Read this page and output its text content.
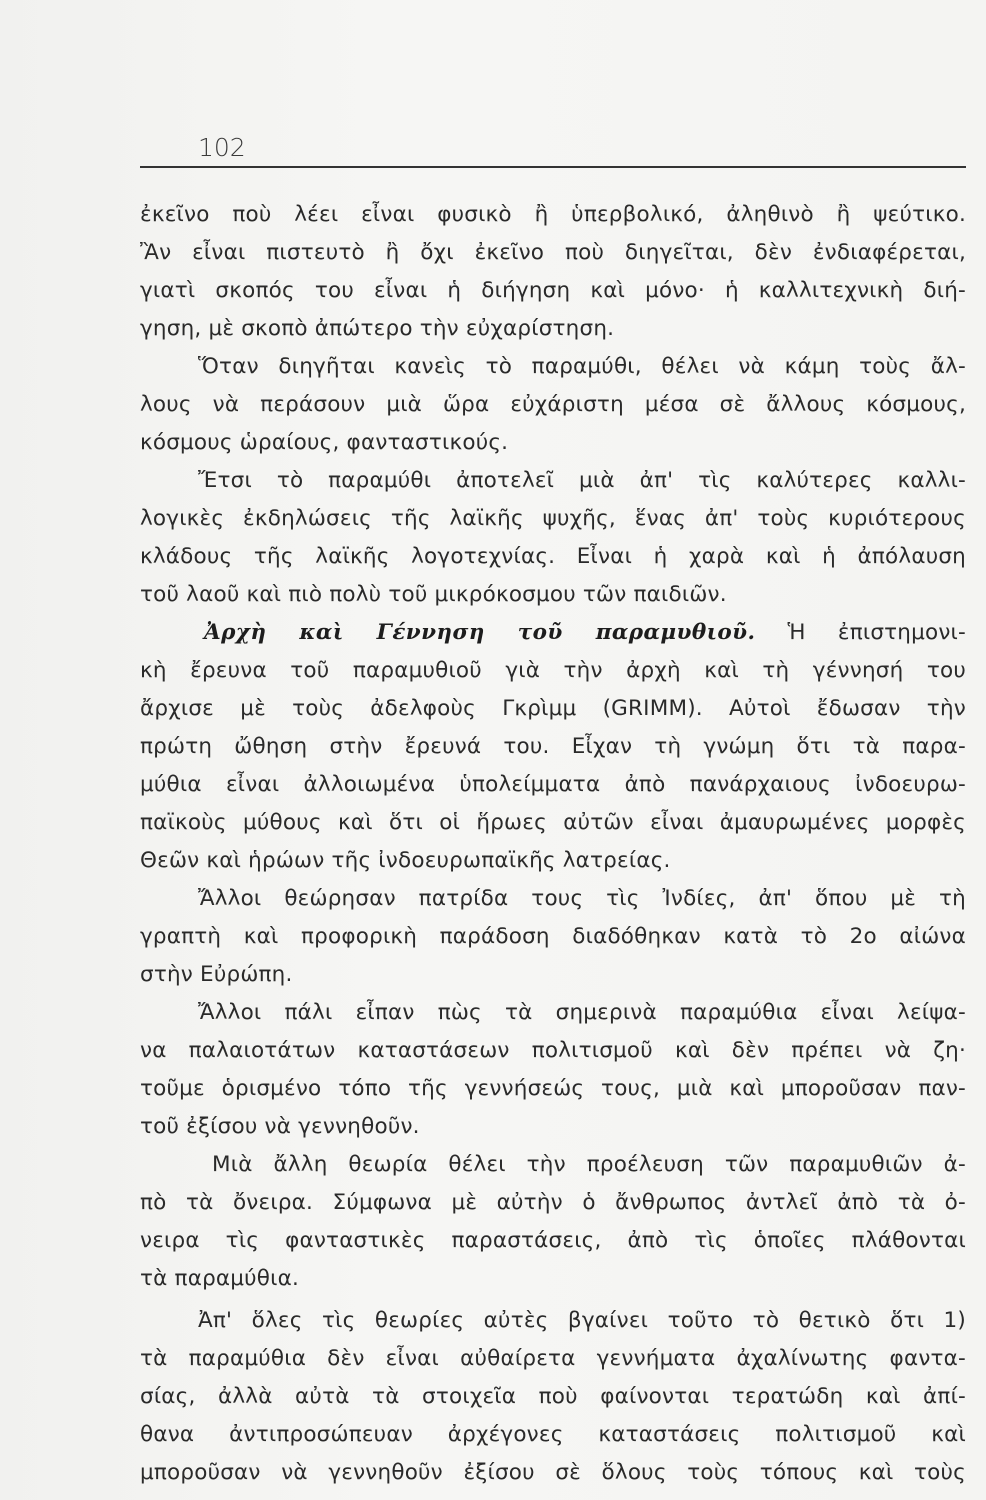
102
ἐκεῖνο ποὺ λέει εἶναι φυσικὸ ἢ ὑπερβολικό, ἀληθινὸ ἢ ψεύτικο.
Ἂν εἶναι πιστευτὸ ἢ ὄχι ἐκεῖνο ποὺ διηγεῖται, δὲν ἐνδιαφέρεται,
γιατὶ σκοπός του εἶναι ἡ διήγηση καὶ μόνο· ἡ καλλιτεχνικὴ διή-
γηση, μὲ σκοπὸ ἀπώτερο τὴν εὐχαρίστηση.
Ὅταν διηγῆται κανεὶς τὸ παραμύθι, θέλει νὰ κάμη τοὺς ἄλ-
λους νὰ περάσουν μιὰ ὥρα εὐχάριστη μέσα σὲ ἄλλους κόσμους,
κόσμους ὡραίους, φανταστικούς.
Ἔτσι τὸ παραμύθι ἀποτελεῖ μιὰ ἀπ' τὶς καλύτερες καλλι-
λογικὲς ἐκδηλώσεις τῆς λαϊκῆς ψυχῆς, ἕνας ἀπ' τοὺς κυριότερους
κλάδους τῆς λαϊκῆς λογοτεχνίας. Εἶναι ἡ χαρὰ καὶ ἡ ἀπόλαυση
τοῦ λαοῦ καὶ πιὸ πολὺ τοῦ μικρόκοσμου τῶν παιδιῶν.
Ἀρχὴ καὶ Γέννηση τοῦ παραμυθιοῦ. Ἡ ἐπιστημονι-
κὴ ἔρευνα τοῦ παραμυθιοῦ γιὰ τὴν ἀρχὴ καὶ τὴ γέννησή του
ἄρχισε μὲ τοὺς ἀδελφοὺς Γκρὶμμ (GRIMM). Αὐτοὶ ἔδωσαν τὴν
πρώτη ὤθηση στὴν ἔρευνά του. Εἶχαν τὴ γνώμη ὅτι τὰ παρα-
μύθια εἶναι ἀλλοιωμένα ὑπολείμματα ἀπὸ πανάρχαιους ἰνδοευρω-
παϊκοὺς μύθους καὶ ὅτι οἱ ἥρωες αὐτῶν εἶναι ἀμαυρωμένες μορφὲς
Θεῶν καὶ ἡρώων τῆς ἰνδοευρωπαϊκῆς λατρείας.
Ἄλλοι θεώρησαν πατρίδα τους τὶς Ἰνδίες, ἀπ' ὅπου μὲ τὴ
γραπτὴ καὶ προφορικὴ παράδοση διαδόθηκαν κατὰ τὸ 2ο αἰώνα
στὴν Εὐρώπη.
Ἄλλοι πάλι εἶπαν πὼς τὰ σημερινὰ παραμύθια εἶναι λείψα-
να παλαιοτάτων καταστάσεων πολιτισμοῦ καὶ δὲν πρέπει νὰ ζη·
τοῦμε ὁρισμένο τόπο τῆς γεννήσεώς τους, μιὰ καὶ μποροῦσαν παν-
τοῦ ἐξίσου νὰ γεννηθοῦν.
Μιὰ ἄλλη θεωρία θέλει τὴν προέλευση τῶν παραμυθιῶν ἀ-
πὸ τὰ ὄνειρα. Σύμφωνα μὲ αὐτὴν ὁ ἄνθρωπος ἀντλεῖ ἀπὸ τὰ ὀ-
νειρα τὶς φανταστικὲς παραστάσεις, ἀπὸ τὶς ὁποῖες πλάθονται
τὰ παραμύθια.
Ἀπ' ὅλες τὶς θεωρίες αὐτὲς βγαίνει τοῦτο τὸ θετικὸ ὅτι 1)
τὰ παραμύθια δὲν εἶναι αὐθαίρετα γεννήματα ἀχαλίνωτης φαντα-
σίας, ἀλλὰ αὐτὰ τὰ στοιχεῖα ποὺ φαίνονται τερατώδη καὶ ἀπί-
θανα ἀντιπροσώπευαν ἀρχέγονες καταστάσεις πολιτισμοῦ καὶ
μποροῦσαν νὰ γεννηθοῦν ἐξίσου σὲ ὅλους τοὺς τόπους καὶ τοὺς
